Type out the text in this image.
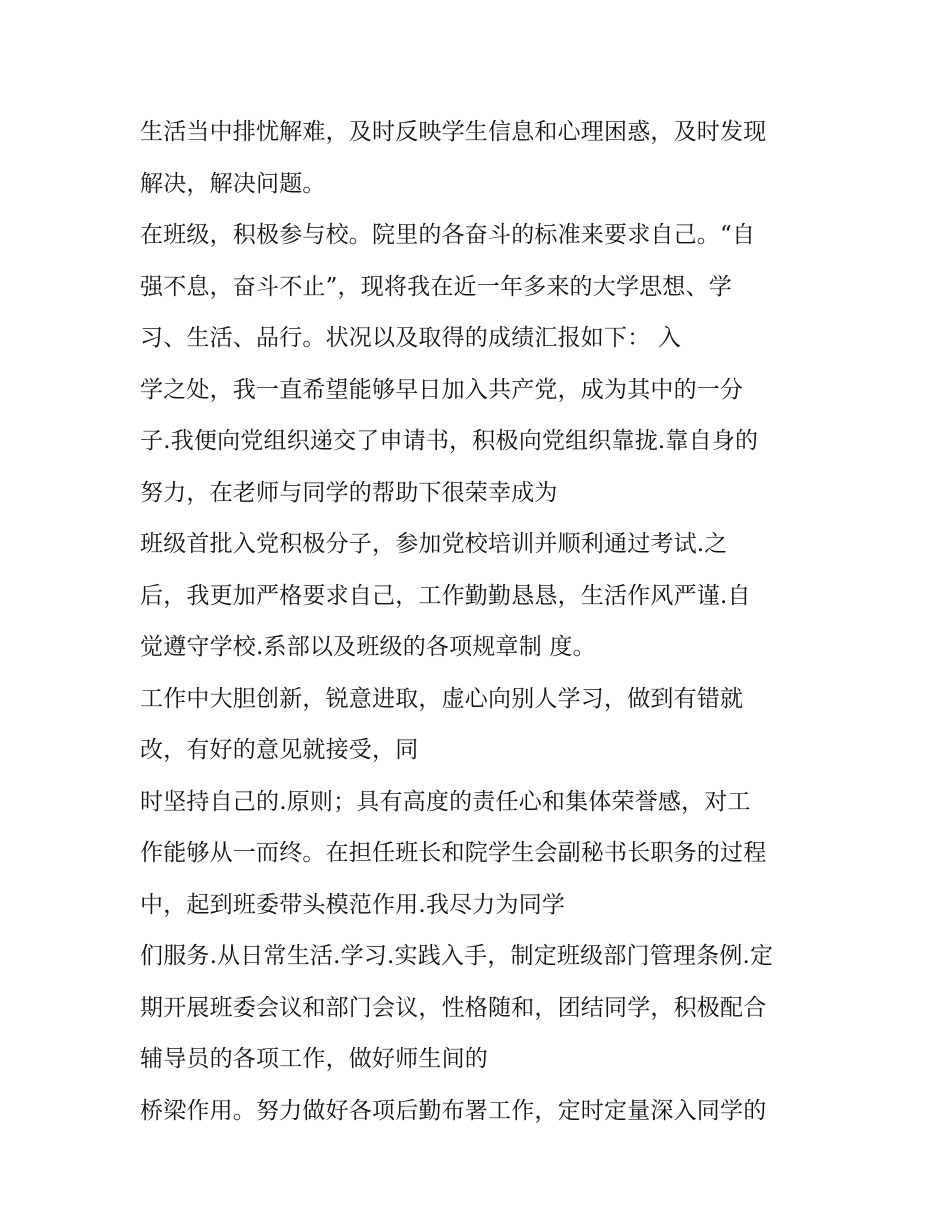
生活当中排忧解难，及时反映学生信息和心理困惑，及时发现
解决，解决问题。
在班级，积极参与校。院里的各奋斗的标准来要求自己。“自
强不息，奋斗不止”，现将我在近一年多来的大学思想、学
习、生活、品行。状况以及取得的成绩汇报如下： 入
学之处，我一直希望能够早日加入共产党，成为其中的一分
子.我便向党组织递交了申请书，积极向党组织靠拢.靠自身的
努力，在老师与同学的帮助下很荣幸成为
班级首批入党积极分子，参加党校培训并顺利通过考试.之
后，我更加严格要求自己，工作勤勤恳恳，生活作风严谨.自
觉遵守学校.系部以及班级的各项规章制 度。
工作中大胆创新，锐意进取，虚心向别人学习，做到有错就
改，有好的意见就接受，同
时坚持自己的.原则；具有高度的责任心和集体荣誉感，对工
作能够从一而终。在担任班长和院学生会副秘书长职务的过程
中，起到班委带头模范作用.我尽力为同学
们服务.从日常生活.学习.实践入手，制定班级部门管理条例.定
期开展班委会议和部门会议，性格随和，团结同学，积极配合
辅导员的各项工作，做好师生间的
桥梁作用。努力做好各项后勤布署工作，定时定量深入同学的
